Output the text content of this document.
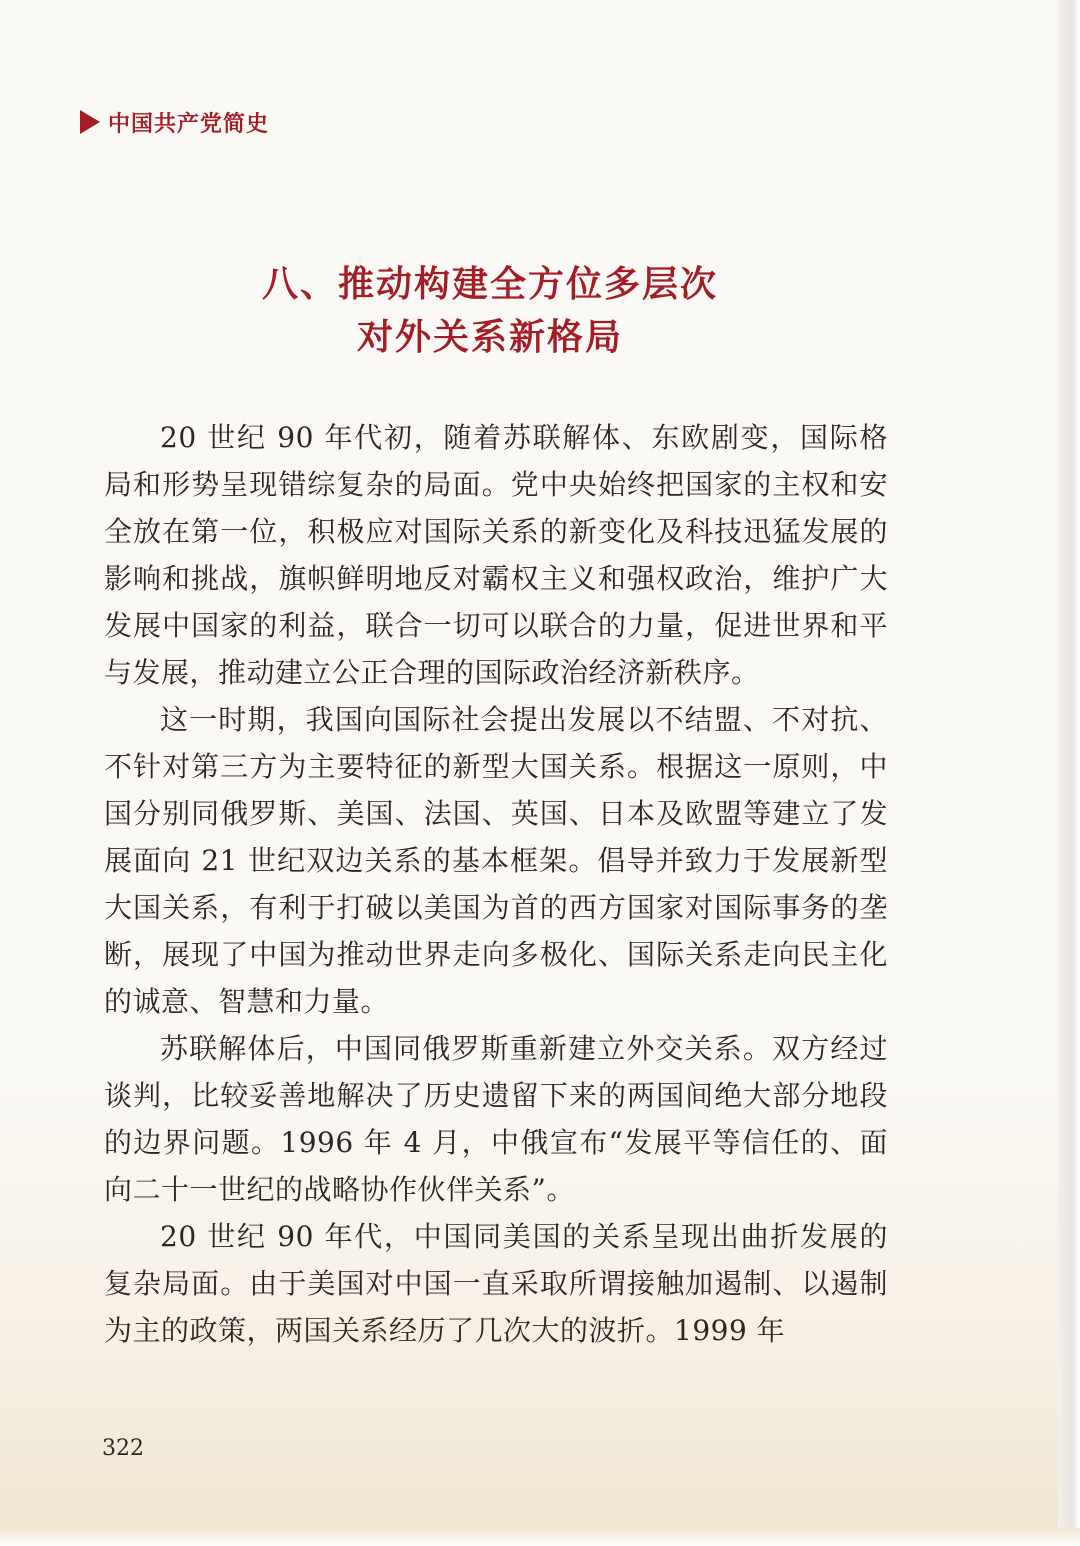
中国共产党简史
八、推动构建全方位多层次
对外关系新格局

20 世纪 90 年代初，随着苏联解体、东欧剧变，国际格局和形势呈现错综复杂的局面。党中央始终把国家的主权和安全放在第一位，积极应对国际关系的新变化及科技迅猛发展的影响和挑战，旗帜鲜明地反对霸权主义和强权政治，维护广大发展中国家的利益，联合一切可以联合的力量，促进世界和平与发展，推动建立公正合理的国际政治经济新秩序。

这一时期，我国向国际社会提出发展以不结盟、不对抗、不针对第三方为主要特征的新型大国关系。根据这一原则，中国分别同俄罗斯、美国、法国、英国、日本及欧盟等建立了发展面向 21 世纪双边关系的基本框架。倡导并致力于发展新型大国关系，有利于打破以美国为首的西方国家对国际事务的垄断，展现了中国为推动世界走向多极化、国际关系走向民主化的诚意、智慧和力量。

苏联解体后，中国同俄罗斯重新建立外交关系。双方经过谈判，比较妥善地解决了历史遗留下来的两国间绝大部分地段的边界问题。1996 年 4 月，中俄宣布“发展平等信任的、面向二十一世纪的战略协作伙伴关系”。

20 世纪 90 年代，中国同美国的关系呈现出曲折发展的复杂局面。由于美国对中国一直采取所谓接触加遏制、以遏制为主的政策，两国关系经历了几次大的波折。1999 年

322
